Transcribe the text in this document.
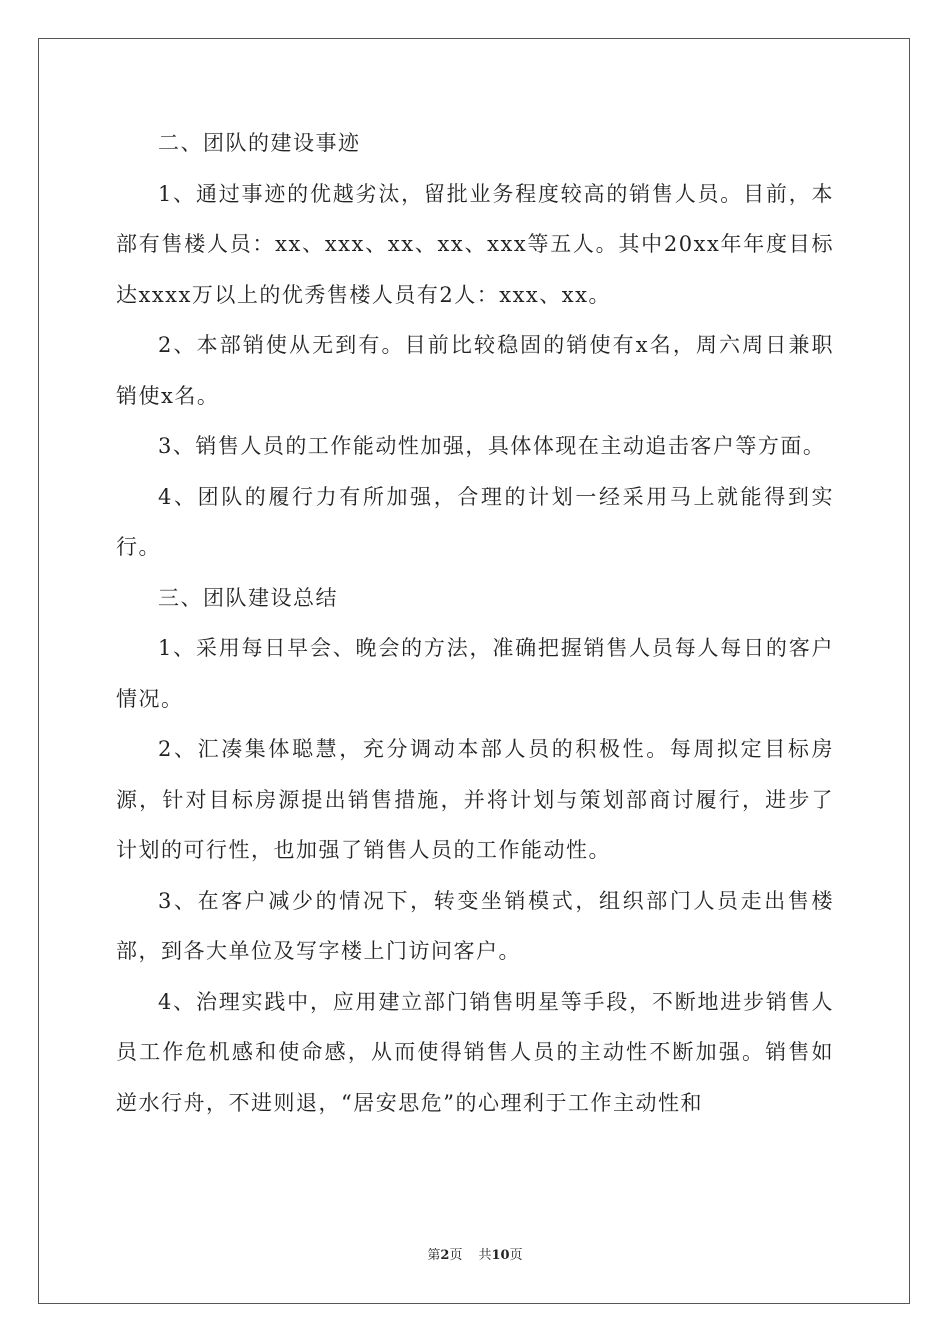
二、团队的建设事迹

1、通过事迹的优越劣汰，留批业务程度较高的销售人员。目前，本部有售楼人员：xx、xxx、xx、xx、xxx等五人。其中20xx年年度目标达xxxx万以上的优秀售楼人员有2人：xxx、xx。

2、本部销使从无到有。目前比较稳固的销使有x名，周六周日兼职销使x名。

3、销售人员的工作能动性加强，具体体现在主动追击客户等方面。

4、团队的履行力有所加强，合理的计划一经采用马上就能得到实行。

三、团队建设总结

1、采用每日早会、晚会的方法，准确把握销售人员每人每日的客户情况。

2、汇凑集体聪慧，充分调动本部人员的积极性。每周拟定目标房源，针对目标房源提出销售措施，并将计划与策划部商讨履行，进步了计划的可行性，也加强了销售人员的工作能动性。

3、在客户减少的情况下，转变坐销模式，组织部门人员走出售楼部，到各大单位及写字楼上门访问客户。

4、治理实践中，应用建立部门销售明星等手段，不断地进步销售人员工作危机感和使命感，从而使得销售人员的主动性不断加强。销售如逆水行舟，不进则退，“居安思危”的心理利于工作主动性和

第2页 共10页
